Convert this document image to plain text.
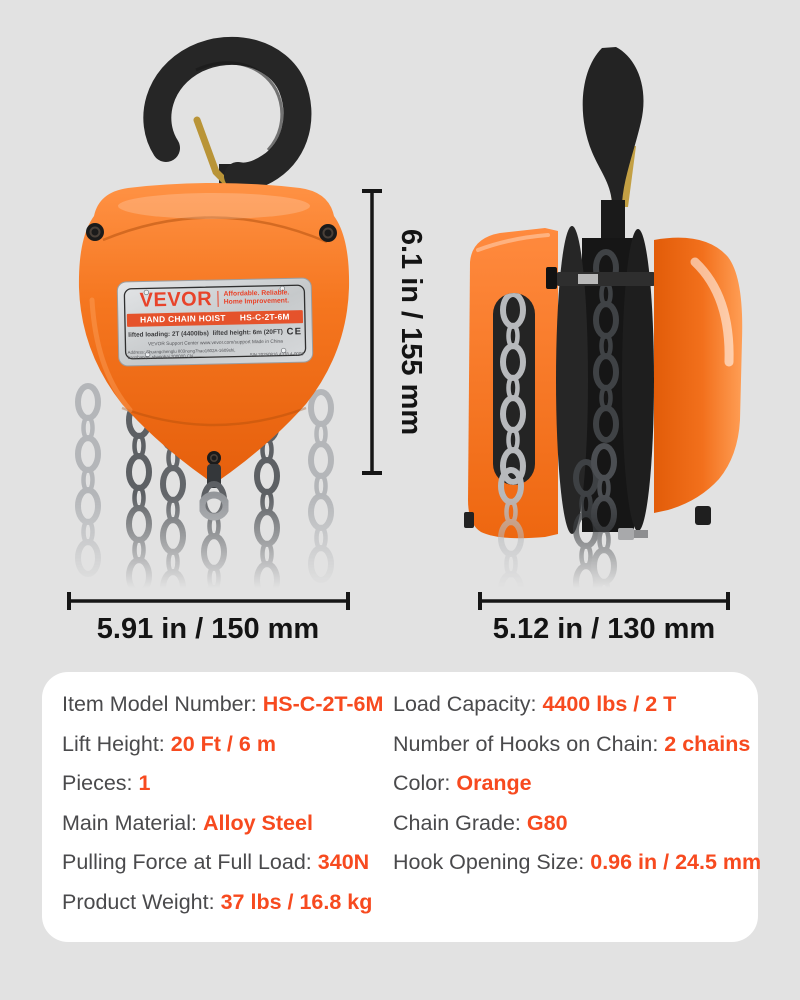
6.1 in / 155 mm
5.91 in / 150 mm	5.12 in / 130 mm
VEVOR Affordable. Reliable.
Home Improvement.
HAND CHAIN HOIST HS-C-2T-6M
lifted loading: 2T (4400lbs) lifted height: 6m (20FT) CE
VEVOR Support Center www.vevor.com/support Made in China
Address: Shuangchenglu 803nong7hao1602A-1609shi, baoshanqu, shanghai 200000 CN.	S/N 20250816 4378 4-0009
Item Model Number: HS-C-2T-6M
Lift Height: 20 Ft / 6 m
Pieces: 1
Main Material: Alloy Steel
Pulling Force at Full Load: 340N
Product Weight: 37 lbs / 16.8 kg
Load Capacity: 4400 lbs / 2 T
Number of Hooks on Chain: 2 chains
Color: Orange
Chain Grade: G80
Hook Opening Size: 0.96 in / 24.5 mm
